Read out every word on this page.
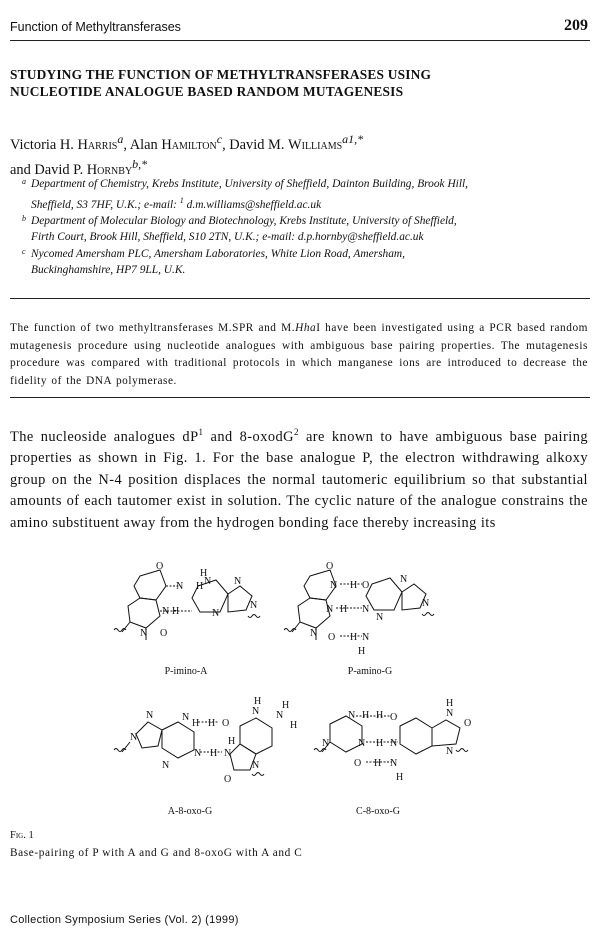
Function of Methyltransferases	209
STUDYING THE FUNCTION OF METHYLTRANSFERASES USING
NUCLEOTIDE ANALOGUE BASED RANDOM MUTAGENESIS
Victoria H. Harris$^a$, Alan Hamilton$^c$, David M. Williams$^{a1,*}$
and David P. Hornby$^{b,*}$
a Department of Chemistry, Krebs Institute, University of Sheffield, Dainton Building, Brook Hill,
Sheffield, S3 7HF, U.K.; e-mail: $^1$ d.m.williams@sheffield.ac.uk
b Department of Molecular Biology and Biotechnology, Krebs Institute, University of Sheffield,
Firth Court, Brook Hill, Sheffield, S10 2TN, U.K.; e-mail: d.p.hornby@sheffield.ac.uk
c Nycomed Amersham PLC, Amersham Laboratories, White Lion Road, Amersham,
Buckinghamshire, HP7 9LL, U.K.
The function of two methyltransferases M.SPR and M.HhaI have been investigated using a PCR based random mutagenesis procedure using nucleotide analogues with ambiguous base pairing properties. The mutagenesis procedure was compared with traditional protocols in which manganese ions are introduced to decrease the fidelity of the DNA polymerase.
The nucleoside analogues $dP^1$ and 8-oxodG$^2$ are known to have ambiguous base pairing properties as shown in Fig. 1. For the base analogue P, the electron withdrawing alkoxy group on the N-4 position displaces the normal tautomeric equilibrium so that substantial amounts of each tautomer exist in solution. The cyclic nature of the analogue constrains the amino substituent away from the hydrogen bonding face thereby increasing its
O
N H
H
N
N H	N
N
N O
N
P-imino-A
O
N H O
N H N
N O H N
H
N
N
N
P-amino-G
N
N
N
H H O
N
H
N
H
H
N H N
H
N
O
N
A-8-oxo-G
N H H O
N H N
O H N
H
N
N
H
O
N
C-8-oxo-G
Fig. 1
Base-pairing of P with A and G and 8-oxoG with A and C
Collection Symposium Series (Vol. 2) (1999)
